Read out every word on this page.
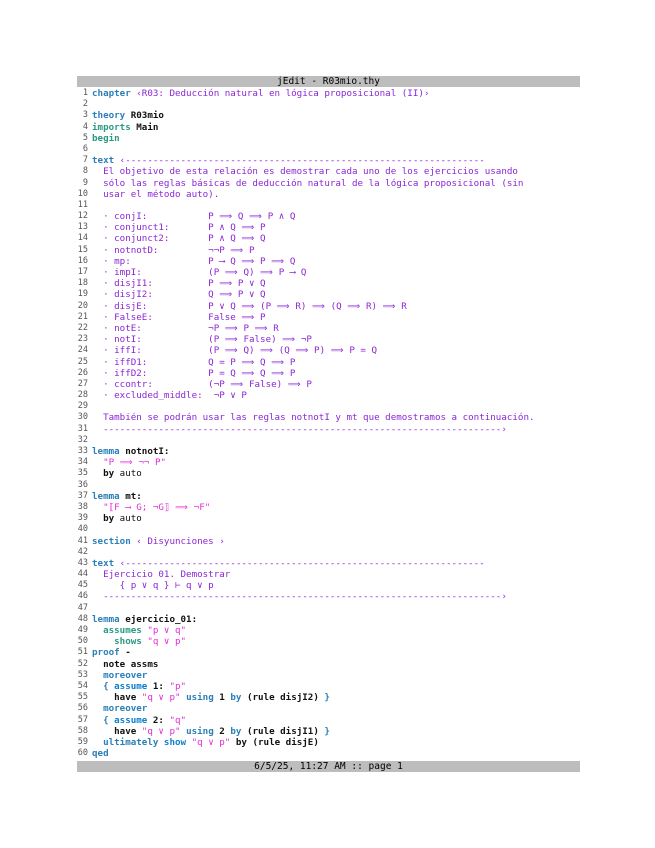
jEdit - R03mio.thy
1 chapter ‹R03: Deducción natural en lógica proposicional (II)›
2
3 theory R03mio
4 imports Main
5 begin
6
7 text ‹-----------------------------------------------------------------
8 El objetivo de esta relación es demostrar cada uno de los ejercicios usando
9 sólo las reglas básicas de deducción natural de la lógica proposicional (sin
10 usar el método auto).
11
12 · conjI:           P ⟹ Q ⟹ P ∧ Q
13 · conjunct1:       P ∧ Q ⟹ P
14 · conjunct2:       P ∧ Q ⟹ Q
15 · notnotD:         ¬¬P ⟹ P
16 · mp:              P ⟶ Q ⟹ P ⟹ Q
17 · impI:            (P ⟹ Q) ⟹ P ⟶ Q
18 · disjI1:          P ⟹ P ∨ Q
19 · disjI2:          Q ⟹ P ∨ Q
20 · disjE:           P ∨ Q ⟹ (P ⟹ R) ⟹ (Q ⟹ R) ⟹ R
21 · FalseE:          False ⟹ P
22 · notE:            ¬P ⟹ P ⟹ R
23 · notI:            (P ⟹ False) ⟹ ¬P
24 · iffI:            (P ⟹ Q) ⟹ (Q ⟹ P) ⟹ P = Q
25 · iffD1:           Q = P ⟹ Q ⟹ P
26 · iffD2:           P = Q ⟹ Q ⟹ P
27 · ccontr:          (¬P ⟹ False) ⟹ P
28 · excluded_middle:  ¬P ∨ P
29
30 También se podrán usar las reglas notnotI y mt que demostramos a continuación.
31 ------------------------------------------------------------------------›
32
33 lemma notnotI:
34 "P ⟹ ¬¬ P"
35 by auto
36
37 lemma mt:
38 "⟦F ⟶ G; ¬G⟧ ⟹ ¬F"
39 by auto
40
41 section ‹ Disyunciones ›
42
43 text ‹-----------------------------------------------------------------
44 Ejercicio 01. Demostrar
45 { p ∨ q } ⊢ q ∨ p
46 ------------------------------------------------------------------------›
47
48 lemma ejercicio_01:
49 assumes "p ∨ q"
50 shows "q ∨ p"
51 proof -
52 note assms
53 moreover
54 { assume 1: "p"
55 have "q ∨ p" using 1 by (rule disjI2) }
56 moreover
57 { assume 2: "q"
58 have "q ∨ p" using 2 by (rule disjI1) }
59 ultimately show "q ∨ p" by (rule disjE)
60 qed
6/5/25, 11:27 AM :: page 1
